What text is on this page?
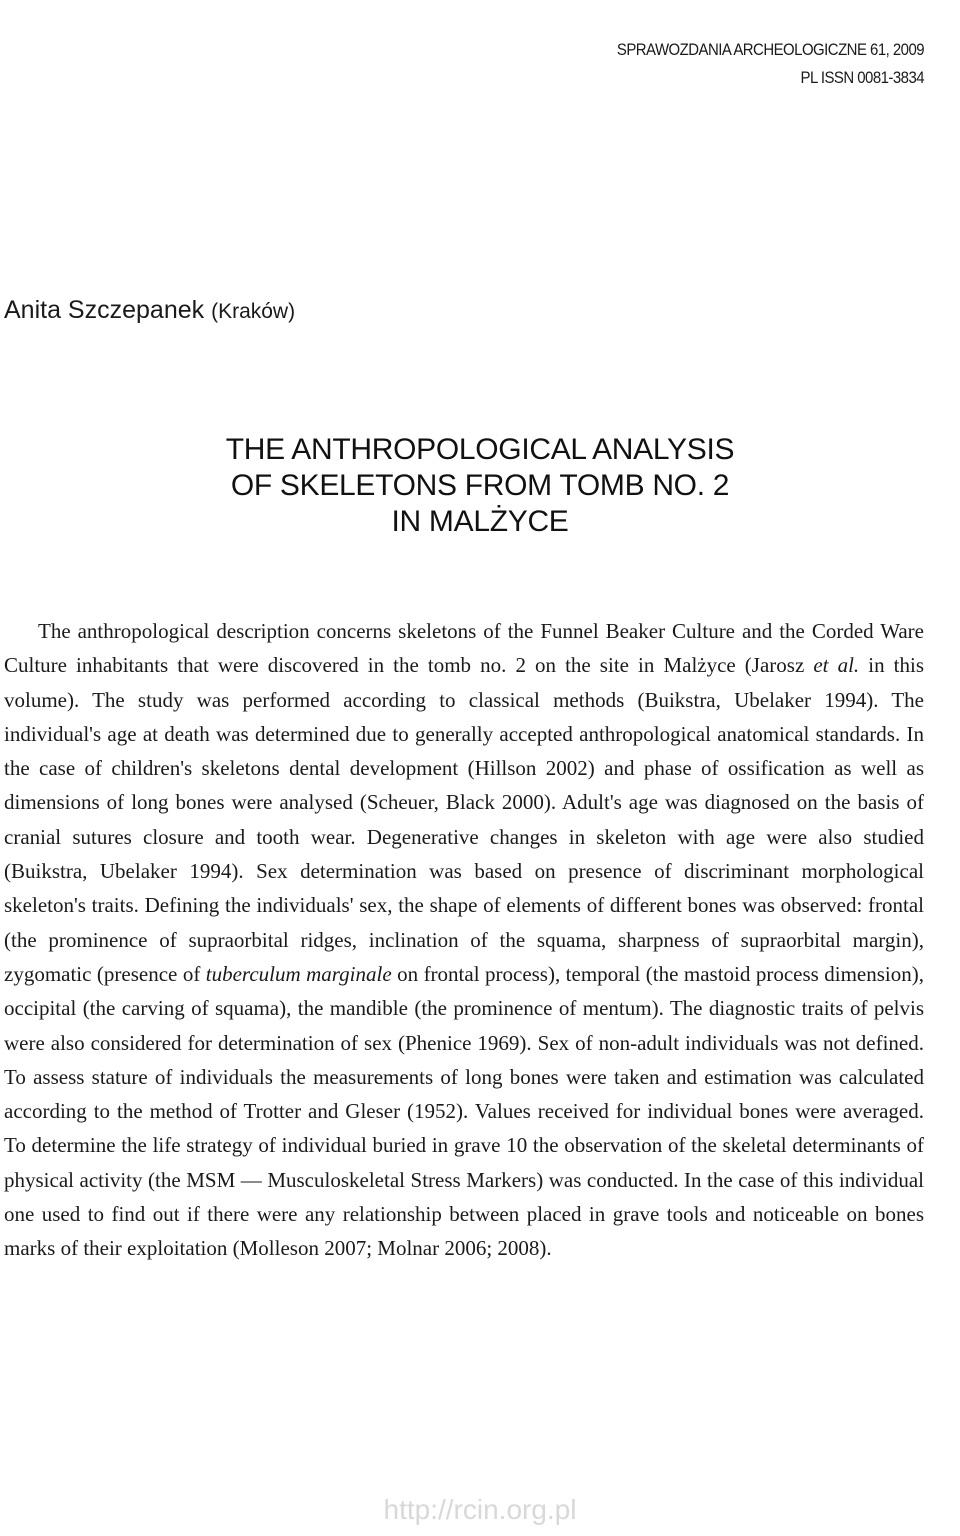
SPRAWOZDANIA ARCHEOLOGICZNE 61, 2009
PL ISSN 0081-3834
Anita Szczepanek (Kraków)
THE ANTHROPOLOGICAL ANALYSIS
OF SKELETONS FROM TOMB NO. 2
IN MALŻYCE

The anthropological description concerns skeletons of the Funnel Beaker Culture and the Corded Ware Culture inhabitants that were discovered in the tomb no. 2 on the site in Malżyce (Jarosz et al. in this volume). The study was performed according to classical methods (Buikstra, Ubelaker 1994). The individual's age at death was determined due to generally accepted anthropological anatomical standards. In the case of children's skeletons dental development (Hillson 2002) and phase of ossification as well as dimensions of long bones were analysed (Scheuer, Black 2000). Adult's age was diagnosed on the basis of cranial sutures closure and tooth wear. Degenerative changes in skeleton with age were also studied (Buikstra, Ubelaker 1994). Sex determination was based on presence of discriminant morphological skeleton's traits. Defining the individuals' sex, the shape of elements of different bones was observed: frontal (the prominence of supraorbital ridges, inclination of the squama, sharpness of supraorbital margin), zygomatic (presence of tuberculum marginale on frontal process), temporal (the mastoid process dimension), occipital (the carving of squama), the mandible (the prominence of mentum). The diagnostic traits of pelvis were also considered for determination of sex (Phenice 1969). Sex of non-adult individuals was not defined. To assess stature of individuals the measurements of long bones were taken and estimation was calculated according to the method of Trotter and Gleser (1952). Values received for individual bones were averaged. To determine the life strategy of individual buried in grave 10 the observation of the skeletal determinants of physical activity (the MSM — Musculoskeletal Stress Markers) was conducted. In the case of this individual one used to find out if there were any relationship between placed in grave tools and noticeable on bones marks of their exploitation (Molleson 2007; Molnar 2006; 2008).

http://rcin.org.pl
